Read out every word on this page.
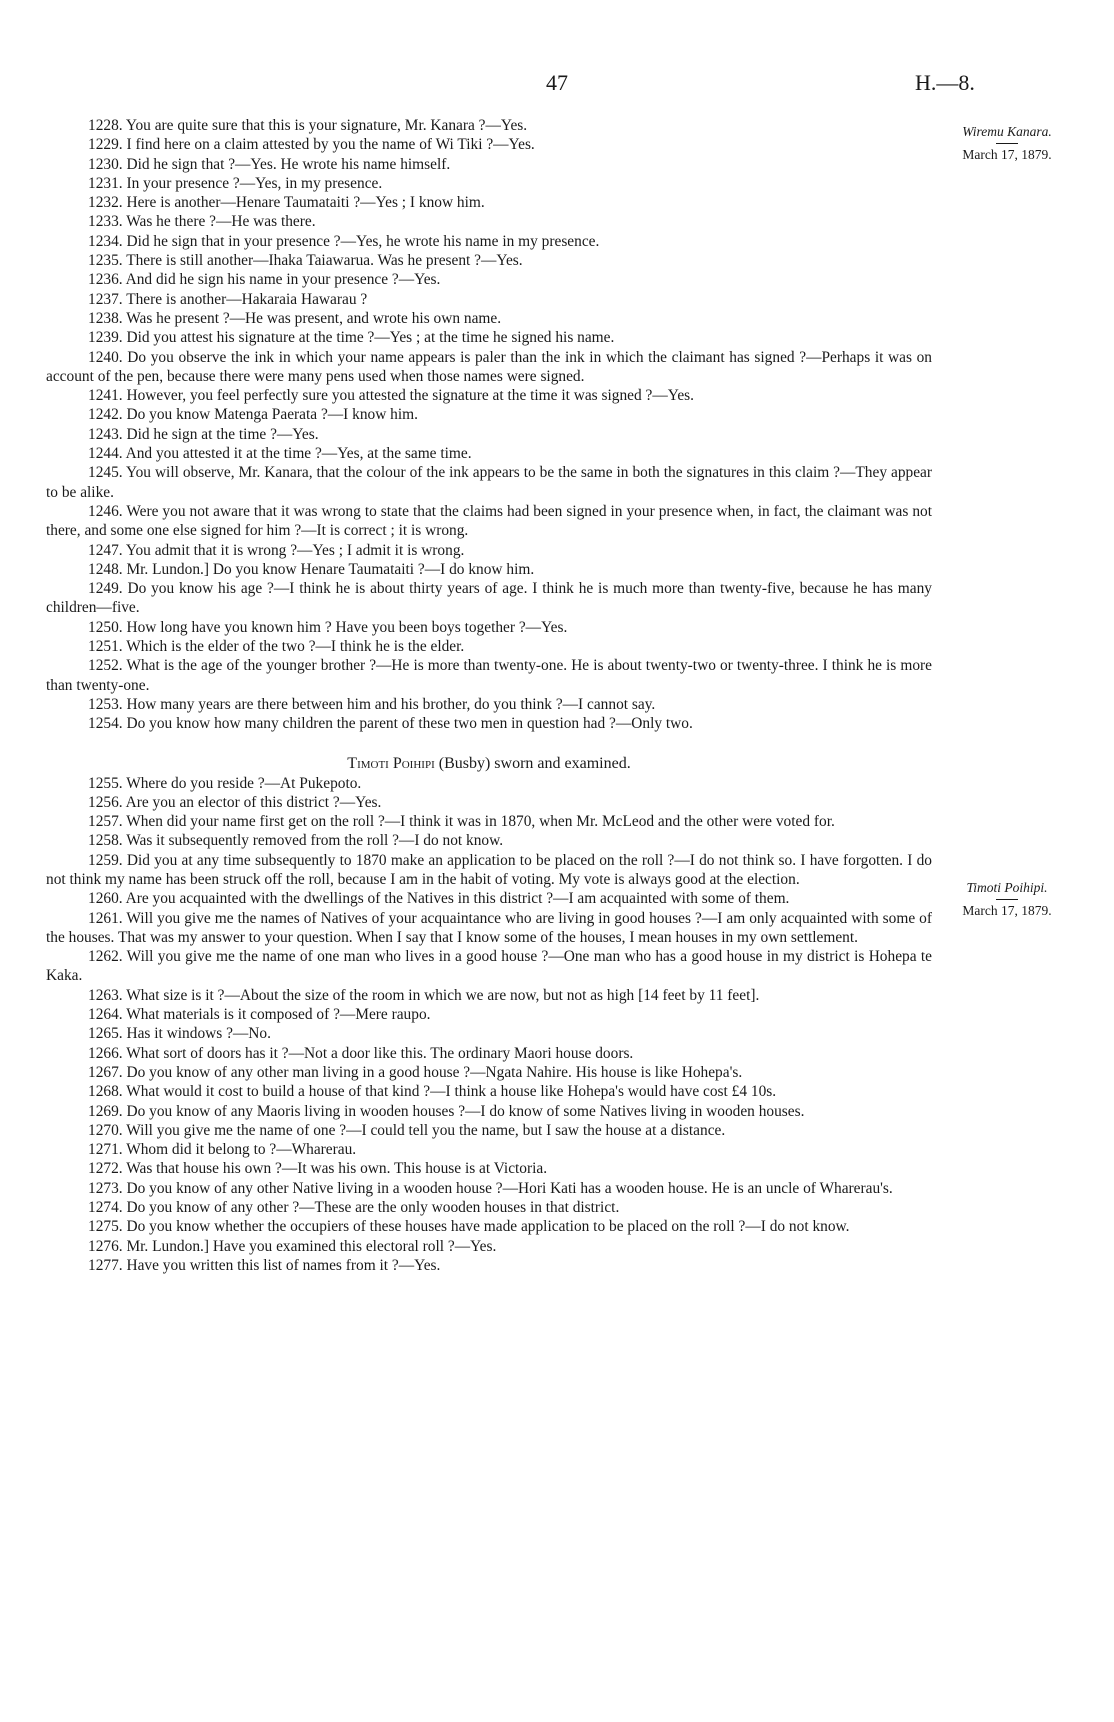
47	H.—8.
Wiremu Kanara.
March 17, 1879.
Timoti Poihipi.
March 17, 1879.

1228. You are quite sure that this is your signature, Mr. Kanara ?—Yes.

1229. I find here on a claim attested by you the name of Wi Tiki ?—Yes.

1230. Did he sign that ?—Yes. He wrote his name himself.

1231. In your presence ?—Yes, in my presence.

1232. Here is another—Henare Taumataiti ?—Yes ; I know him.

1233. Was he there ?—He was there.

1234. Did he sign that in your presence ?—Yes, he wrote his name in my presence.

1235. There is still another—Ihaka Taiawarua. Was he present ?—Yes.

1236. And did he sign his name in your presence ?—Yes.

1237. There is another—Hakaraia Hawarau ?

1238. Was he present ?—He was present, and wrote his own name.

1239. Did you attest his signature at the time ?—Yes ; at the time he signed his name.

1240. Do you observe the ink in which your name appears is paler than the ink in which the claimant has signed ?—Perhaps it was on account of the pen, because there were many pens used when those names were signed.

1241. However, you feel perfectly sure you attested the signature at the time it was signed ?—Yes.

1242. Do you know Matenga Paerata ?—I know him.

1243. Did he sign at the time ?—Yes.

1244. And you attested it at the time ?—Yes, at the same time.

1245. You will observe, Mr. Kanara, that the colour of the ink appears to be the same in both the signatures in this claim ?—They appear to be alike.

1246. Were you not aware that it was wrong to state that the claims had been signed in your presence when, in fact, the claimant was not there, and some one else signed for him ?—It is correct ; it is wrong.

1247. You admit that it is wrong ?—Yes ; I admit it is wrong.

1248. Mr. Lundon.] Do you know Henare Taumataiti ?—I do know him.

1249. Do you know his age ?—I think he is about thirty years of age. I think he is much more than twenty-five, because he has many children—five.

1250. How long have you known him ? Have you been boys together ?—Yes.

1251. Which is the elder of the two ?—I think he is the elder.

1252. What is the age of the younger brother ?—He is more than twenty-one. He is about twenty-two or twenty-three. I think he is more than twenty-one.

1253. How many years are there between him and his brother, do you think ?—I cannot say.

1254. Do you know how many children the parent of these two men in question had ?—Only two.

Timoti Poihipi (Busby) sworn and examined.

1255. Where do you reside ?—At Pukepoto.

1256. Are you an elector of this district ?—Yes.

1257. When did your name first get on the roll ?—I think it was in 1870, when Mr. McLeod and the other were voted for.

1258. Was it subsequently removed from the roll ?—I do not know.

1259. Did you at any time subsequently to 1870 make an application to be placed on the roll ?—I do not think so. I have forgotten. I do not think my name has been struck off the roll, because I am in the habit of voting. My vote is always good at the election.

1260. Are you acquainted with the dwellings of the Natives in this district ?—I am acquainted with some of them.

1261. Will you give me the names of Natives of your acquaintance who are living in good houses ?—I am only acquainted with some of the houses. That was my answer to your question. When I say that I know some of the houses, I mean houses in my own settlement.

1262. Will you give me the name of one man who lives in a good house ?—One man who has a good house in my district is Hohepa te Kaka.

1263. What size is it ?—About the size of the room in which we are now, but not as high [14 feet by 11 feet].

1264. What materials is it composed of ?—Mere raupo.

1265. Has it windows ?—No.

1266. What sort of doors has it ?—Not a door like this. The ordinary Maori house doors.

1267. Do you know of any other man living in a good house ?—Ngata Nahire. His house is like Hohepa's.

1268. What would it cost to build a house of that kind ?—I think a house like Hohepa's would have cost £4 10s.

1269. Do you know of any Maoris living in wooden houses ?—I do know of some Natives living in wooden houses.

1270. Will you give me the name of one ?—I could tell you the name, but I saw the house at a distance.

1271. Whom did it belong to ?—Wharerau.

1272. Was that house his own ?—It was his own. This house is at Victoria.

1273. Do you know of any other Native living in a wooden house ?—Hori Kati has a wooden house. He is an uncle of Wharerau's.

1274. Do you know of any other ?—These are the only wooden houses in that district.

1275. Do you know whether the occupiers of these houses have made application to be placed on the roll ?—I do not know.

1276. Mr. Lundon.] Have you examined this electoral roll ?—Yes.

1277. Have you written this list of names from it ?—Yes.
